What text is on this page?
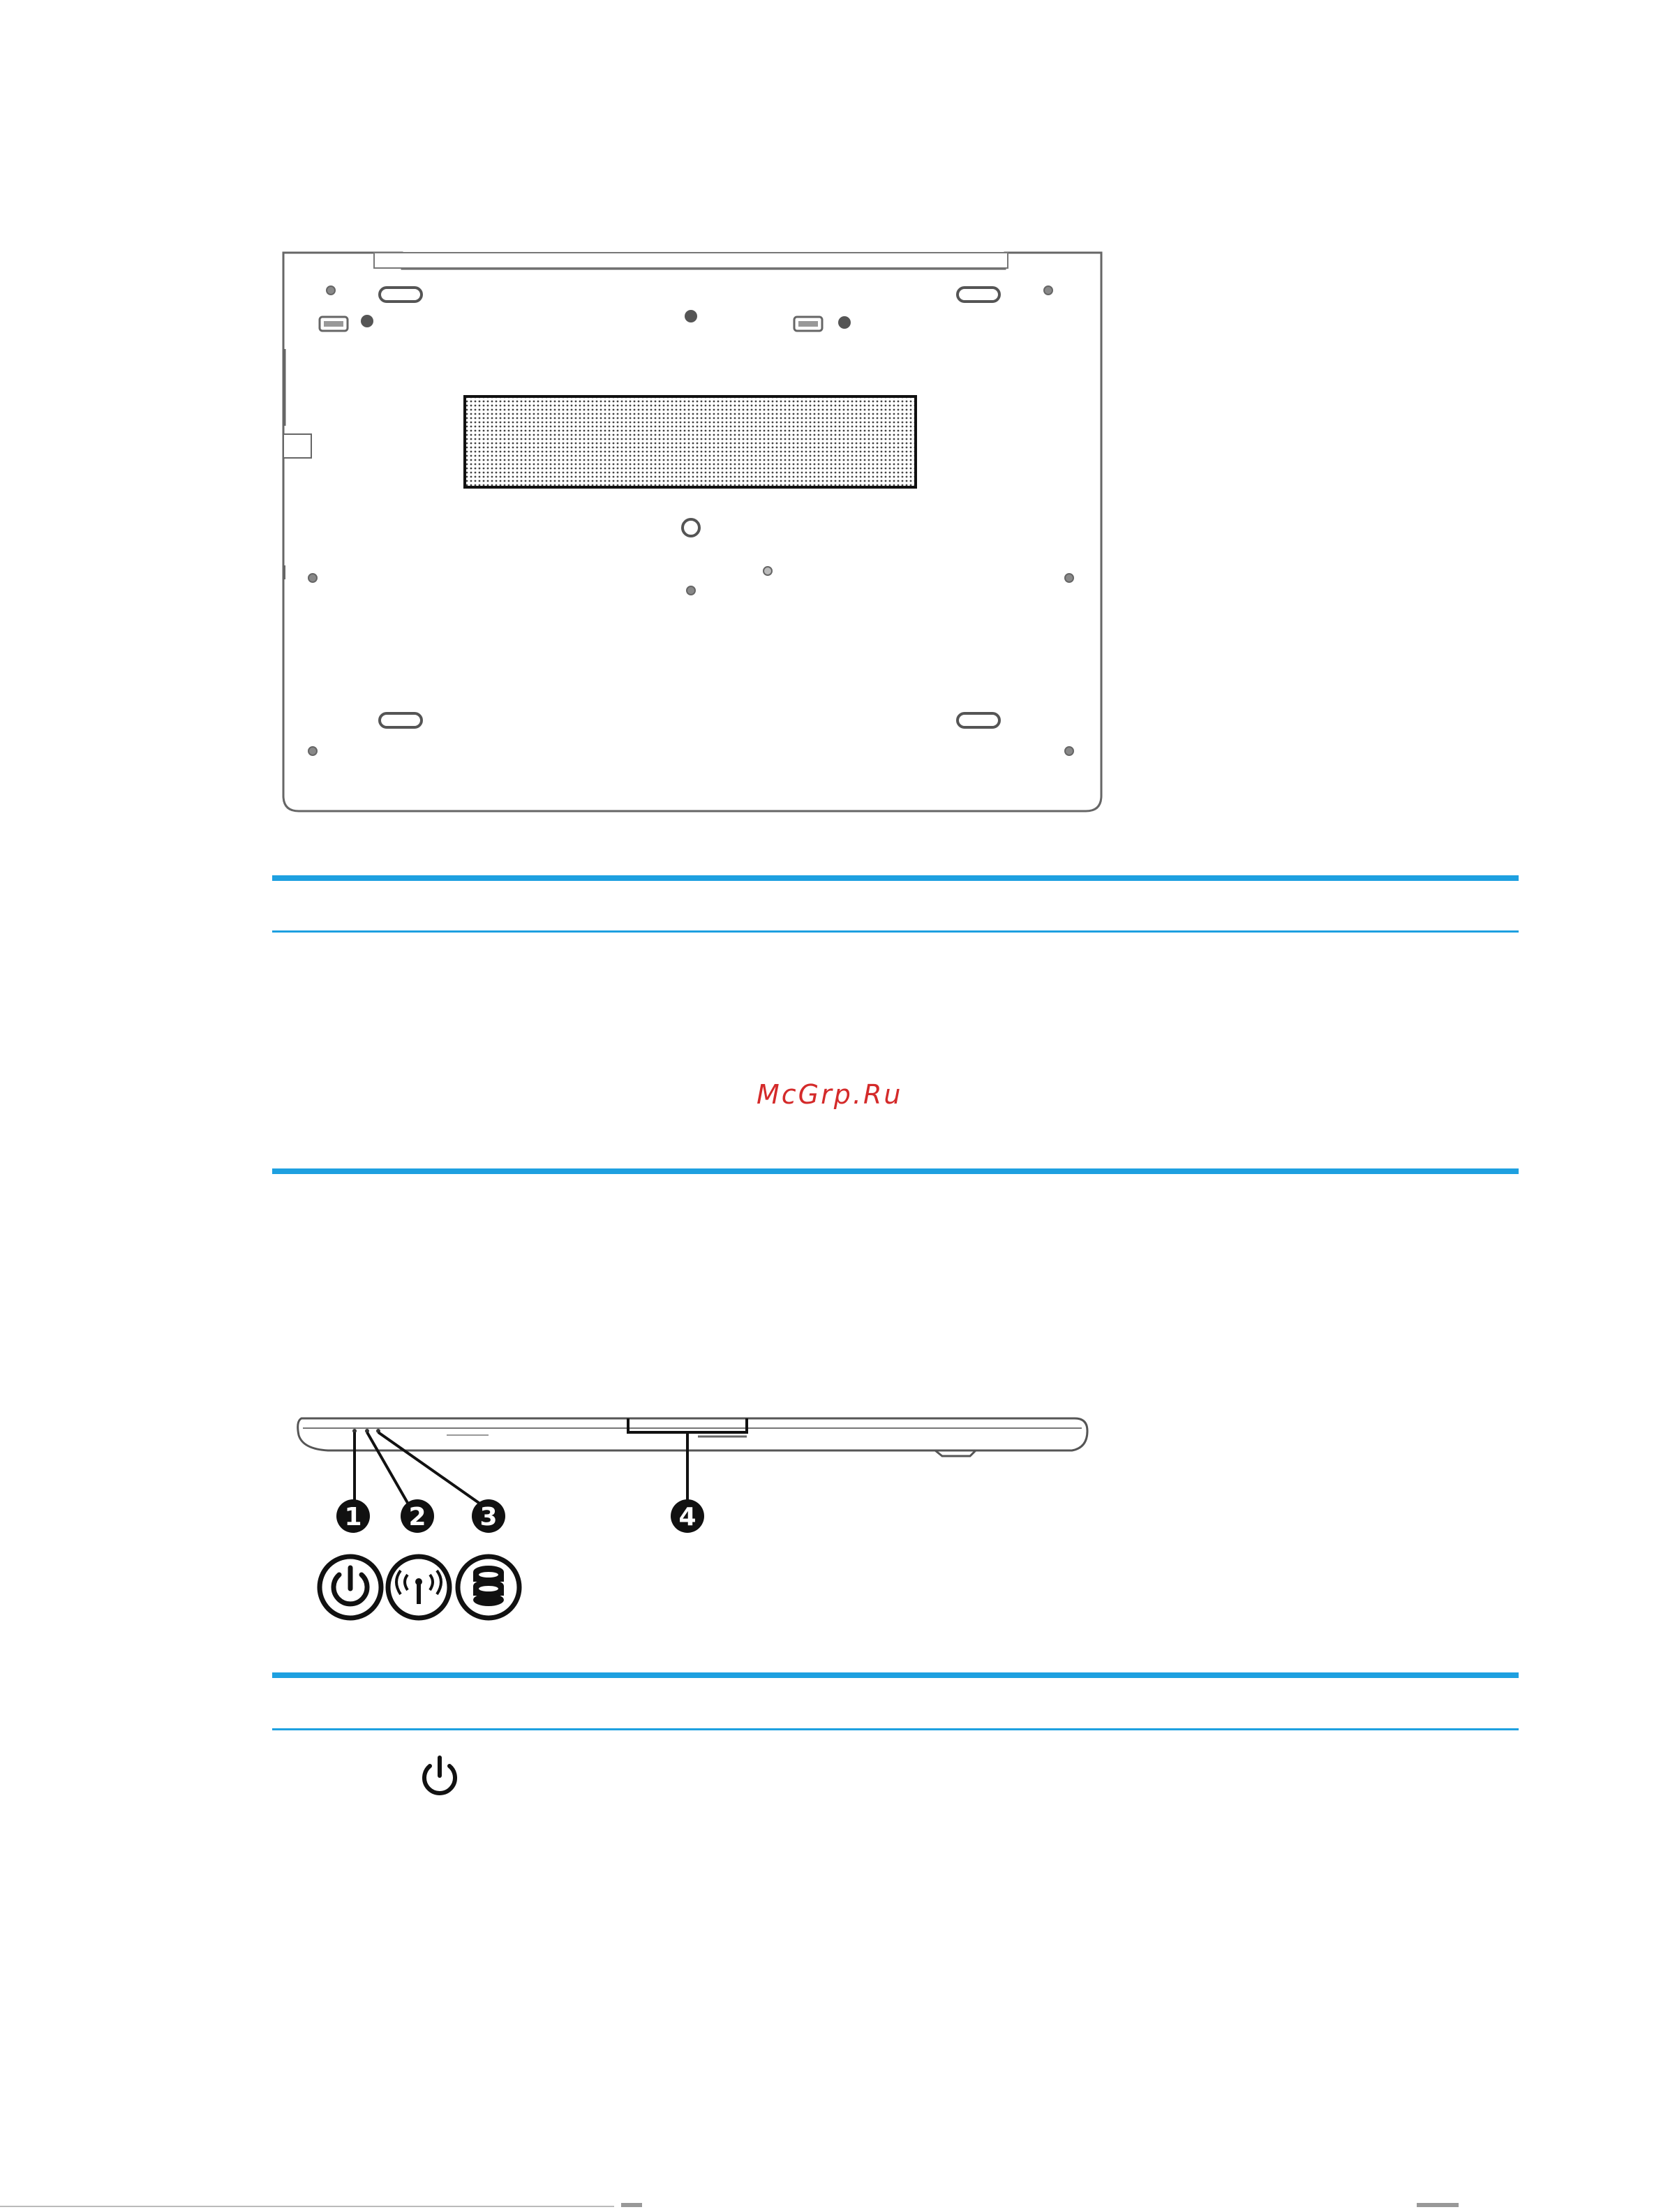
McGrp.Ru
1 2 3	4
